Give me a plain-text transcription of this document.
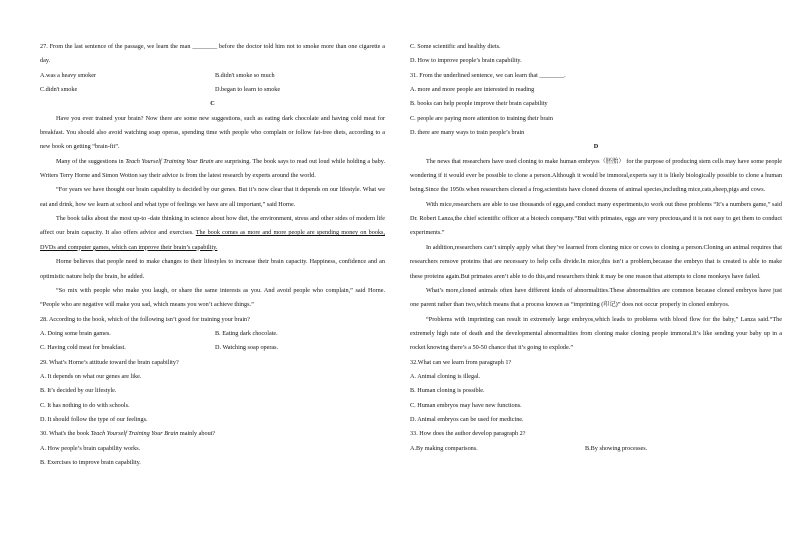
27. From the last sentence of the passage, we learn the man ________ before the doctor told him not to smoke more than one cigarette a day.
A.was a heavy smoker	B.didn't smoke so much
C.didn't smoke	D.began to learn to smoke
C
Have you ever trained your brain? Now there are some new suggestions, such as eating dark chocolate and having cold meat for breakfast. You should also avoid watching soap operas, spending time with people who complain or follow fat-free diets, according to a new book on getting “brain-fit”.
Many of the suggestions in Teach Yourself Training Your Brain are surprising. The book says to read out loud while holding a baby. Writers Terry Horne and Simon Wotton say their advice is from the latest research by experts around the world.
“For years we have thought our brain capability is decided by our genes. But it’s now clear that it depends on our lifestyle. What we eat and drink, how we learn at school and what type of feelings we have are all important,” said Horne.
The book talks about the most up-to -date thinking in science about how diet, the environment, stress and other sides of modern life affect our brain capacity. It also offers advice and exercises. The book comes as more and more people are spending money on books, DVDs and computer games, which can improve their brain’s capability.
Horne believes that people need to make changes to their lifestyles to increase their brain capacity. Happiness, confidence and an optimistic nature help the brain, he added.
“So mix with people who make you laugh, or share the same interests as you. And avoid people who complain,” said Horne. “People who are negative will make you sad, which means you won’t achieve things.”
28. According to the book, which of the following isn’t good for training your brain?
A. Doing some brain games.	B. Eating dark chocolate.
C. Having cold meat for breakfast.	D. Watching soap operas.
29. What’s Horne’s attitude toward the brain capability?
A. It depends on what our genes are like.
B. It’s decided by our lifestyle.
C. It has nothing to do with schools.
D. It should follow the type of our feelings.
30. What's the book Teach Yourself Training Your Brain mainly about?
A. How people’s brain capability works.
B. Exercises to improve brain capability.
C. Some scientific and healthy diets.
D. How to improve people’s brain capability.
31. From the underlined sentence, we can learn that ________.
A. more and more people are interested in reading
B. books can help people improve their brain capability
C. people are paying more attention to training their brain
D. there are many ways to train people’s brain
D
The news that researchers have used cloning to make human embryos（胚胎） for the purpose of producing stem cells may have some people wondering if it would ever be possible to clone a person.Although it would be immoral,experts say it is likely biologically possible to clone a human being.Since the 1950s when researchers cloned a frog,scientists have cloned dozens of animal species,including mice,cats,sheep,pigs and cows.
With mice,researchers are able to use thousands of eggs,and conduct many experiments,to work out these problems “It’s a numbers game,” said Dr. Robert Lanza,the chief scientific officer at a biotech company.“But with primates, eggs are very precious,and it is not easy to get them to conduct experiments.”
In addition,researchers can’t simply apply what they’ve learned from cloning mice or cows to cloning a person.Cloning an animal requires that researchers remove proteins that are necessary to help cells divide.In mice,this isn’t a problem,because the embryo that is created is able to make these proteins again.But primates aren’t able to do this,and researchers think it may be one reason that attempts to clone monkeys have failed.
What’s more,cloned animals often have different kinds of abnormalities.These abnormalities are common because cloned embryos have just one parent rather than two,which means that a process known as “imprinting (印记)” does not occur properly in cloned embryos.
“Problems with imprinting can result in extremely large embryos,which leads to problems with blood flow for the baby,” Lanza said.“The extremely high rate of death and the developmental abnormalities from cloning make cloning people immoral.It’s like sending your baby up in a rocket knowing there’s a 50-50 chance that it’s going to explode.”
32.What can we learn from paragraph 1?
A. Animal cloning is illegal.
B. Human cloning is possible.
C. Human embryos may have new functions.
D. Animal embryos can be used for medicine.
33. How does the author develop paragraph 2?
A.By making comparisons.	B.By showing processes.
